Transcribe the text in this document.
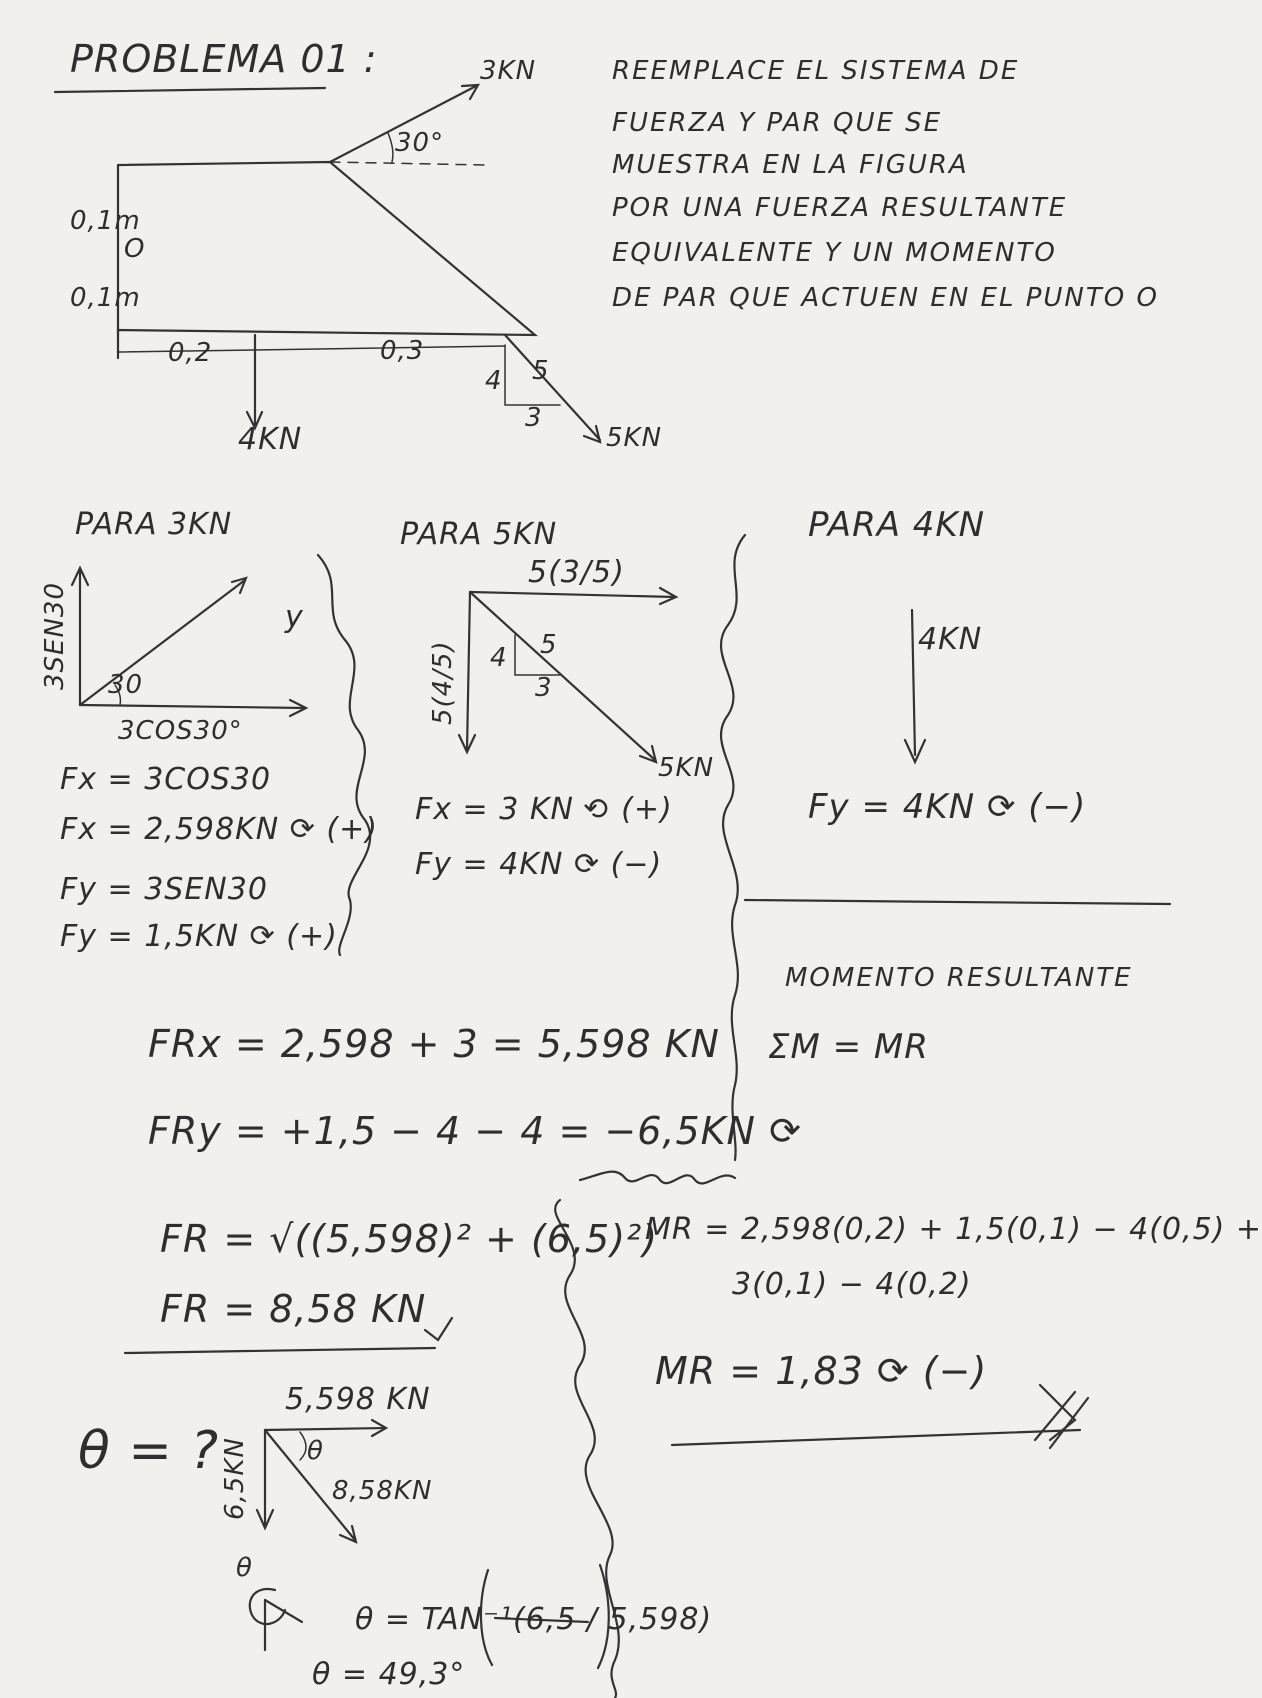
PROBLEMA 01 :	REEMPLACE EL SISTEMA DE
FUERZA Y PAR QUE SE
MUESTRA EN LA FIGURA
POR UNA FUERZA RESULTANTE
EQUIVALENTE Y UN MOMENTO
DE PAR QUE ACTUEN EN EL PUNTO O
3KN
30°
0,1m
O
0,1m
0,2	0,3
4 5
3
4KN	5KN
PARA 3KN
3SEN30 30
3COS30°
y
Fx = 3COS30
Fx = 2,598KN ⟳ (+)
Fy = 3SEN30
Fy = 1,5KN ⟳ (+)
PARA 5KN
5(3/5)
5(4/5) 4 5
3
5KN
Fx = 3 KN ⟲ (+)
Fy = 4KN ⟳ (−)
PARA 4KN
4KN
Fy = 4KN ⟳ (−)
FRx = 2,598 + 3 = 5,598 KN
FRy = +1,5 − 4 − 4 = −6,5KN ⟳
FR = √((5,598)² + (6,5)²)
FR = 8,58 KN
MOMENTO RESULTANTE
ΣM = MR
MR = 2,598(0,2) + 1,5(0,1) − 4(0,5) +
3(0,1) − 4(0,2)
MR = 1,83 ⟳ (−)
θ = ?
5,598 KN
6,5KN θ
8,58KN
θ
θ = TAN⁻¹(6,5 / 5,598)
θ = 49,3°
